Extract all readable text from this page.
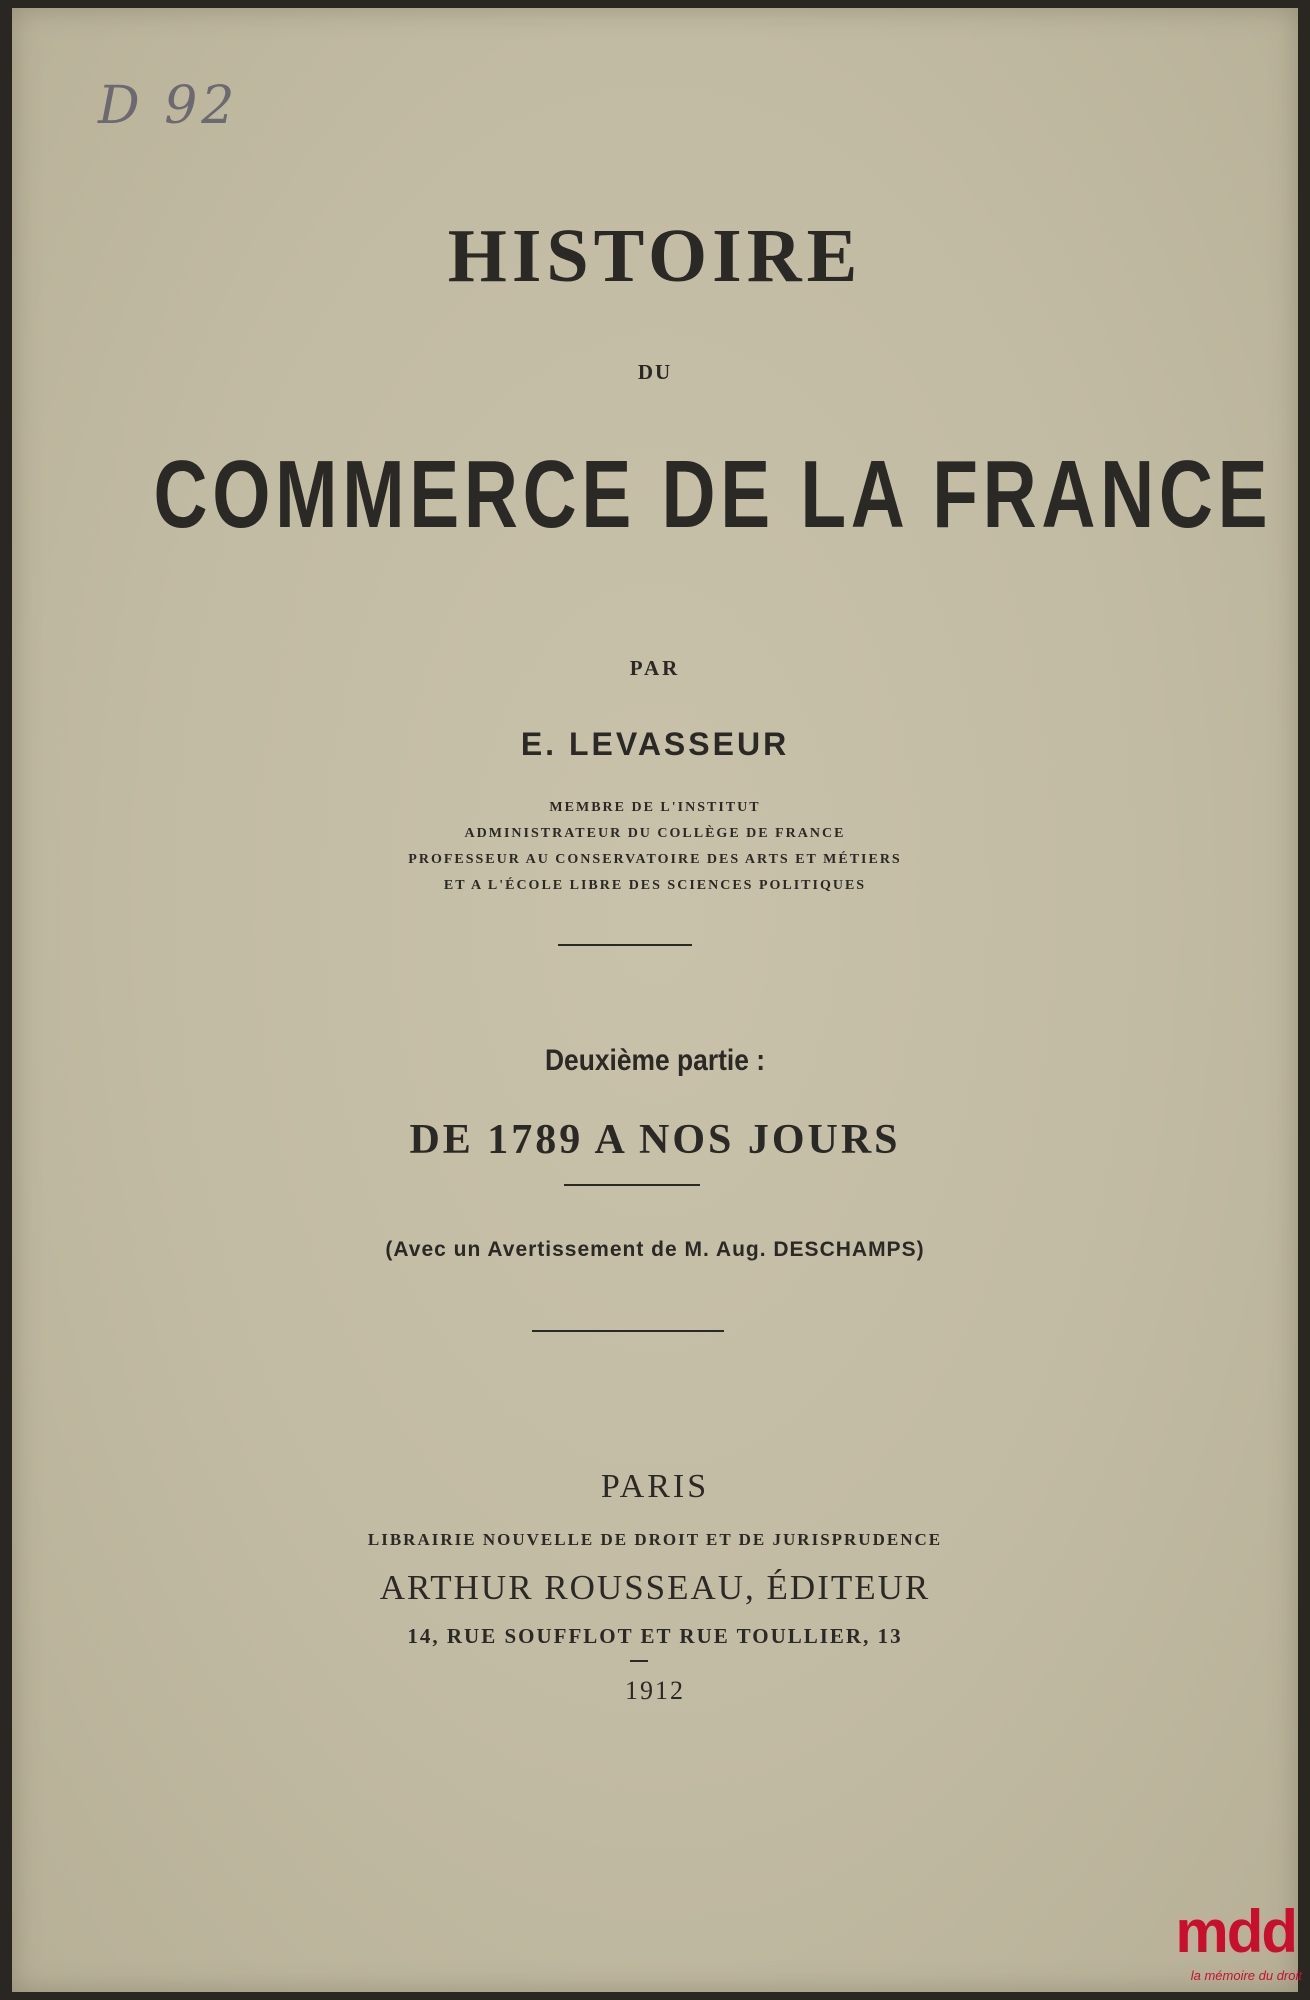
D 92
HISTOIRE
DU
COMMERCE DE LA FRANCE
PAR
E. LEVASSEUR
MEMBRE DE L'INSTITUT
ADMINISTRATEUR DU COLLÈGE DE FRANCE
PROFESSEUR AU CONSERVATOIRE DES ARTS ET MÉTIERS
ET A L'ÉCOLE LIBRE DES SCIENCES POLITIQUES
Deuxième partie :
DE 1789 A NOS JOURS
(Avec un Avertissement de M. Aug. DESCHAMPS)
PARIS
LIBRAIRIE NOUVELLE DE DROIT ET DE JURISPRUDENCE
ARTHUR ROUSSEAU, ÉDITEUR
14, RUE SOUFFLOT ET RUE TOULLIER, 13
1912
mdd
la mémoire du droit
